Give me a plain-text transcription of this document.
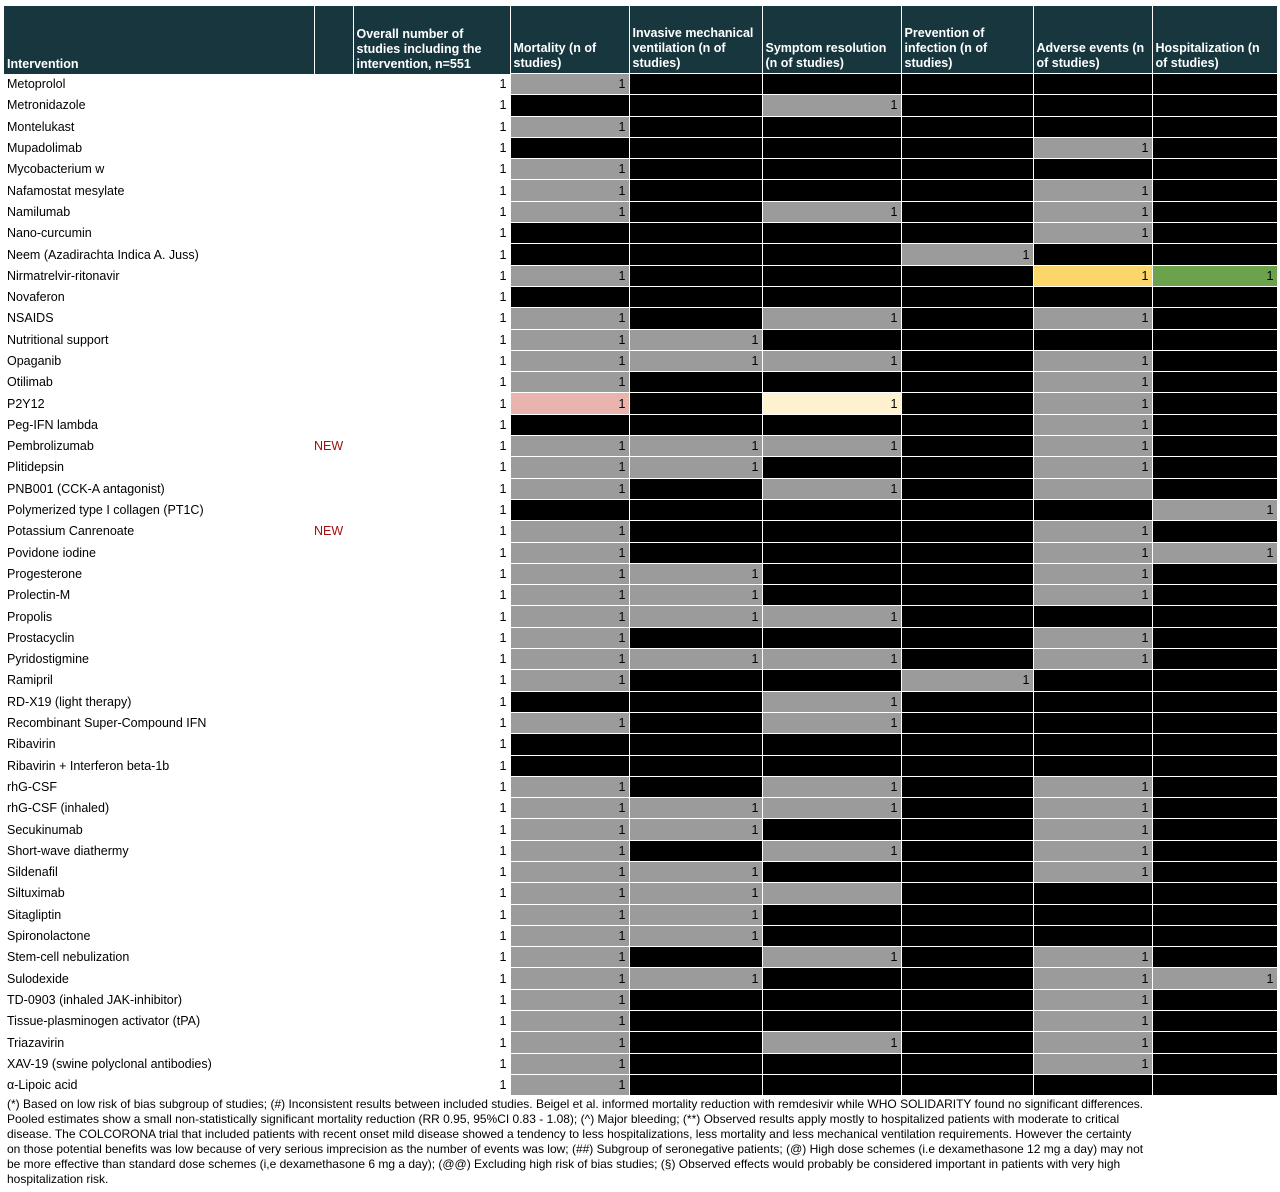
Intervention		Overall number of studies including the intervention, n=551	Mortality (n of studies)	Invasive mechanical ventilation (n of studies)	Symptom resolution (n of studies)	Prevention of infection (n of studies)	Adverse events (n of studies)	Hospitalization (n of studies)
Metoprolol		1	1					
Metronidazole		1			1			
Montelukast		1	1					
Mupadolimab		1					1	
Mycobacterium w		1	1					
Nafamostat mesylate		1	1				1	
Namilumab		1	1		1		1	
Nano-curcumin		1					1	
Neem (Azadirachta Indica A. Juss)		1				1		
Nirmatrelvir-ritonavir		1	1				1	1
Novaferon		1						
NSAIDS		1	1		1		1	
Nutritional support		1	1	1				
Opaganib		1	1	1	1		1	
Otilimab		1	1				1	
P2Y12		1	1		1		1	
Peg-IFN lambda		1					1	
Pembrolizumab	NEW	1	1	1	1		1	
Plitidepsin		1	1	1			1	
PNB001 (CCK-A antagonist)		1	1		1			
Polymerized type I collagen (PT1C)		1						1
Potassium Canrenoate	NEW	1	1				1	
Povidone iodine		1	1				1	1
Progesterone		1	1	1			1	
Prolectin-M		1	1	1			1	
Propolis		1	1	1	1			
Prostacyclin		1	1				1	
Pyridostigmine		1	1	1	1		1	
Ramipril		1	1			1		
RD-X19 (light therapy)		1			1			
Recombinant Super-Compound IFN		1	1		1			
Ribavirin		1						
Ribavirin + Interferon beta-1b		1						
rhG-CSF		1	1		1		1	
rhG-CSF (inhaled)		1	1	1	1		1	
Secukinumab		1	1	1			1	
Short-wave diathermy		1	1		1		1	
Sildenafil		1	1	1			1	
Siltuximab		1	1	1				
Sitagliptin		1	1	1				
Spironolactone		1	1	1				
Stem-cell nebulization		1	1		1		1	
Sulodexide		1	1	1			1	1
TD-0903 (inhaled JAK-inhibitor)		1	1				1	
Tissue-plasminogen activator (tPA)		1	1				1	
Triazavirin		1	1		1		1	
XAV-19 (swine polyclonal antibodies)		1	1				1	
α-Lipoic acid		1	1					
(*) Based on low risk of bias subgroup of studies; (#) Inconsistent results between included studies. Beigel et al. informed mortality reduction with remdesivir while WHO SOLIDARITY found no significant differences. Pooled estimates show a small non-statistically significant mortality reduction (RR 0.95, 95%CI 0.83 - 1.08); (^) Major bleeding; (**) Observed results apply mostly to hospitalized patients with moderate to critical disease. The COLCORONA trial that included patients with recent onset mild disease showed a tendency to less hospitalizations, less mortality and less mechanical ventilation requirements. However the certainty on those potential benefits was low because of very serious imprecision as the number of events was low; (##) Subgroup of seronegative patients; (@) High dose schemes (i.e dexamethasone 12 mg a day) may not be more effective than standard dose schemes (i,e dexamethasone 6 mg a day); (@@) Excluding high risk of bias studies; (§) Observed effects would probably be considered important in patients with very high hospitalization risk.
